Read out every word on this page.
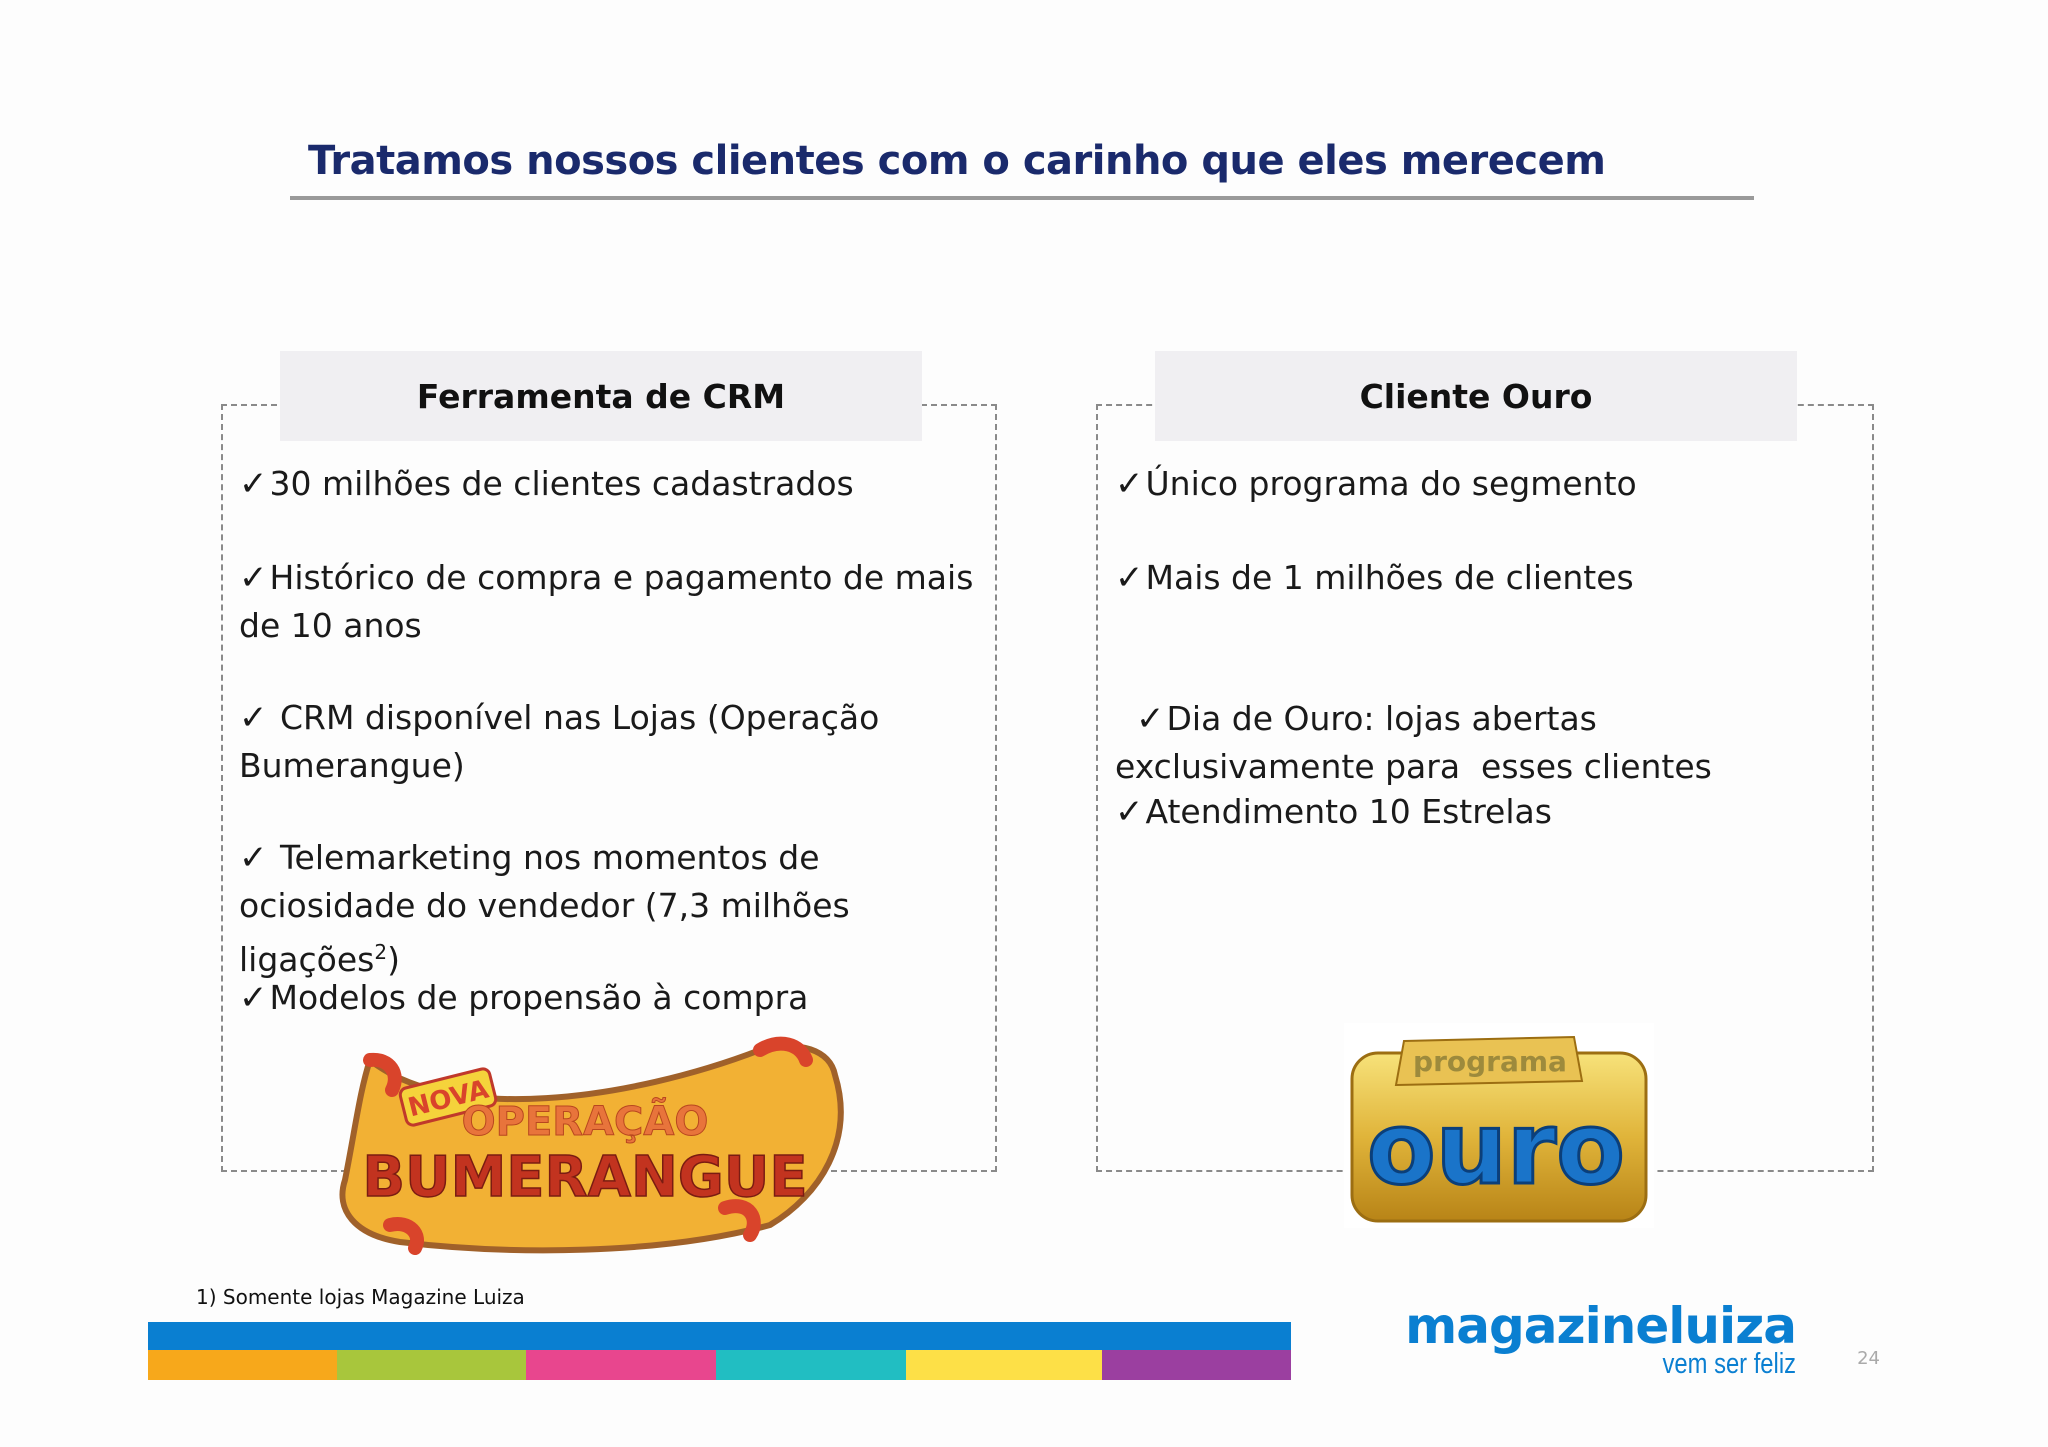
Tratamos nossos clientes com o carinho que eles merecem
Ferramenta de CRM
✓30 milhões de clientes cadastrados
✓Histórico de compra e pagamento de mais de 10 anos
✓ CRM disponível nas Lojas (Operação Bumerangue)
✓ Telemarketing nos momentos de ociosidade do vendedor (7,3 milhões ligações$^2$)
✓Modelos de propensão à compra
NOVA
OPERAÇÃO
BUMERANGUE
Cliente Ouro
✓Único programa do segmento
✓Mais de 1 milhões de clientes

✓Dia de Ouro: lojas abertas    exclusivamente para  esses clientes

✓Atendimento 10 Estrelas
programa
ouro
1) Somente lojas Magazine Luiza	magazineluiza
vem ser feliz	24
